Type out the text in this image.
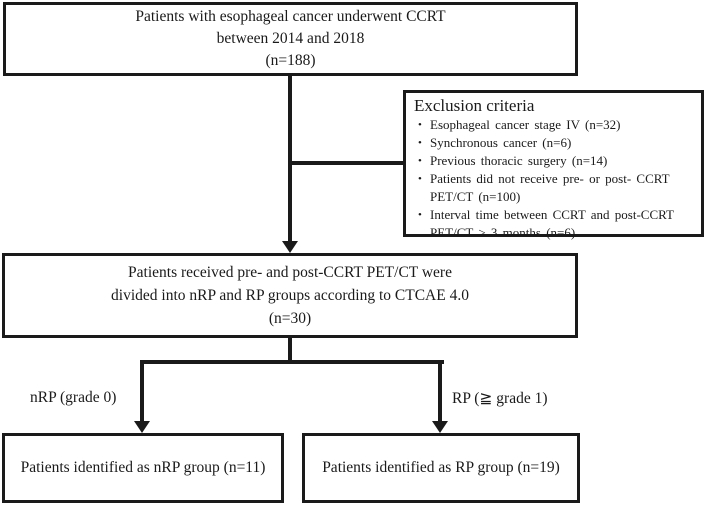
Patients with esophageal cancer underwent CCRT
between 2014 and 2018
(n=188)
Exclusion criteria
• Esophageal cancer stage IV (n=32)
• Synchronous cancer (n=6)
• Previous thoracic surgery (n=14)
• Patients did not receive pre- or post- CCRT PET/CT (n=100)
• Interval time between CCRT and post-CCRT PET/CT > 3 months (n=6)
Patients received pre- and post-CCRT PET/CT were
divided into nRP and RP groups according to CTCAE 4.0
(n=30)
nRP (grade 0)	RP (≧ grade 1)
Patients identified as nRP group (n=11)	Patients identified as RP group (n=19)
